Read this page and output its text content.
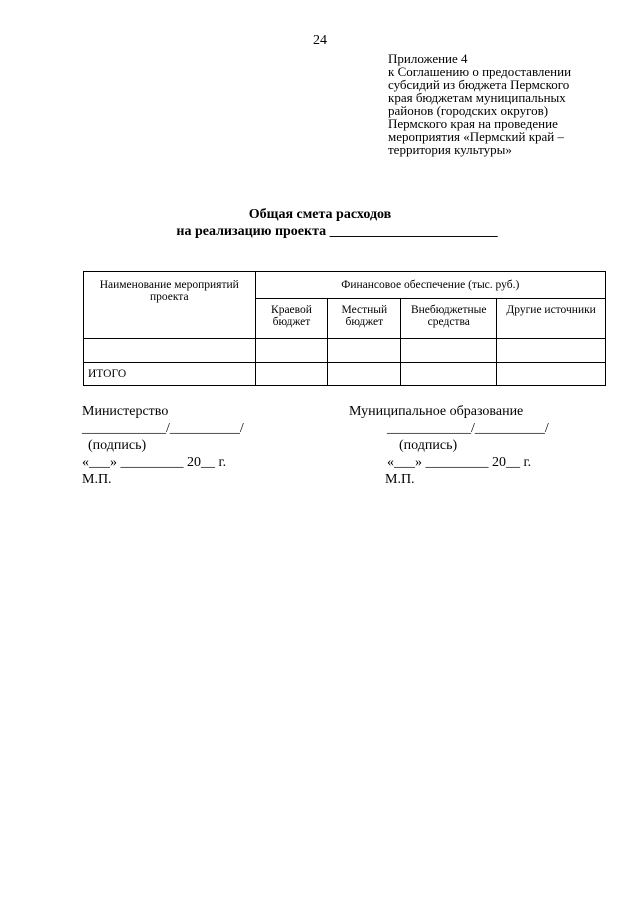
24
Приложение 4
к Соглашению о предоставлении
субсидий из бюджета Пермского
края бюджетам муниципальных
районов (городских округов)
Пермского края на проведение
мероприятия «Пермский край –
территория культуры»
Общая смета расходов
на реализацию проекта ________________________
Наименование мероприятий проекта	Финансовое обеспечение (тыс. руб.)			
	Краевой бюджет	Местный бюджет	Внебюджетные средства	Другие источники

ИТОГО				
Министерство
____________/__________/
(подпись)
«___» _________ 20__ г.
М.П.
Муниципальное образование
____________/__________/
(подпись)
«___» _________ 20__ г.
М.П.
